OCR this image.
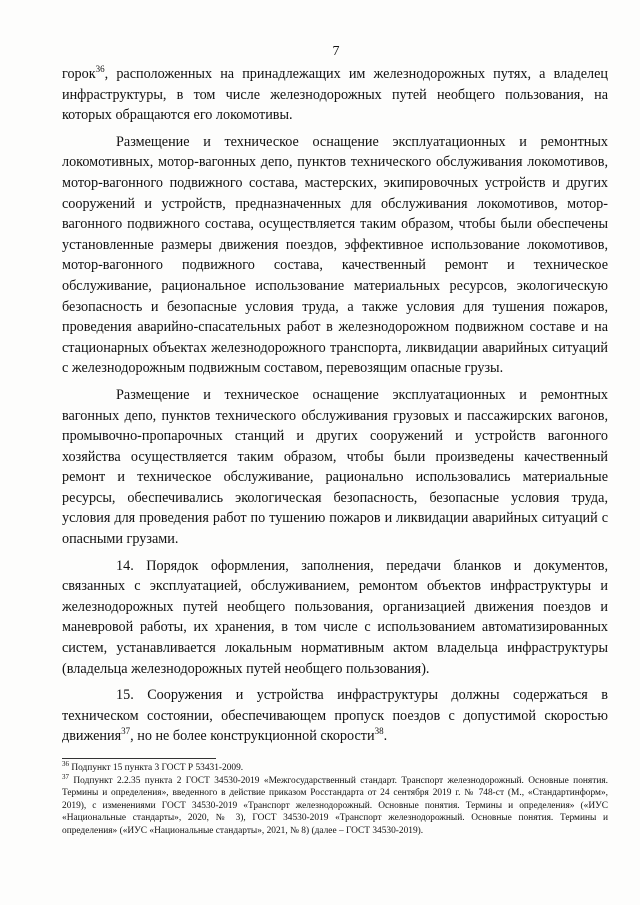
7

горок$^{36}$, расположенных на принадлежащих им железнодорожных путях, а владелец инфраструктуры, в том числе железнодорожных путей необщего пользования, на которых обращаются его локомотивы.

Размещение и техническое оснащение эксплуатационных и ремонтных локомотивных, мотор-вагонных депо, пунктов технического обслуживания локомотивов, мотор-вагонного подвижного состава, мастерских, экипировочных устройств и других сооружений и устройств, предназначенных для обслуживания локомотивов, мотор-вагонного подвижного состава, осуществляется таким образом, чтобы были обеспечены установленные размеры движения поездов, эффективное использование локомотивов, мотор-вагонного подвижного состава, качественный ремонт и техническое обслуживание, рациональное использование материальных ресурсов, экологическую безопасность и безопасные условия труда, а также условия для тушения пожаров, проведения аварийно-спасательных работ в железнодорожном подвижном составе и на стационарных объектах железнодорожного транспорта, ликвидации аварийных ситуаций с железнодорожным подвижным составом, перевозящим опасные грузы.

Размещение и техническое оснащение эксплуатационных и ремонтных вагонных депо, пунктов технического обслуживания грузовых и пассажирских вагонов, промывочно-пропарочных станций и других сооружений и устройств вагонного хозяйства осуществляется таким образом, чтобы были произведены качественный ремонт и техническое обслуживание, рационально использовались материальные ресурсы, обеспечивались экологическая безопасность, безопасные условия труда, условия для проведения работ по тушению пожаров и ликвидации аварийных ситуаций с опасными грузами.

14. Порядок оформления, заполнения, передачи бланков и документов, связанных с эксплуатацией, обслуживанием, ремонтом объектов инфраструктуры и железнодорожных путей необщего пользования, организацией движения поездов и маневровой работы, их хранения, в том числе с использованием автоматизированных систем, устанавливается локальным нормативным актом владельца инфраструктуры (владельца железнодорожных путей необщего пользования).

15. Сооружения и устройства инфраструктуры должны содержаться в техническом состоянии, обеспечивающем пропуск поездов с допустимой скоростью движения$^{37}$, но не более конструкционной скорости$^{38}$.

$^{36}$ Подпункт 15 пункта 3 ГОСТ Р 53431-2009.

$^{37}$ Подпункт 2.2.35 пункта 2 ГОСТ 34530-2019 «Межгосударственный стандарт. Транспорт железнодорожный. Основные понятия. Термины и определения», введенного в действие приказом Росстандарта от 24 сентября 2019 г. № 748-ст (М., «Стандартинформ», 2019), с изменениями ГОСТ 34530-2019 «Транспорт железнодорожный. Основные понятия. Термины и определения» («ИУС «Национальные стандарты», 2020, № 3), ГОСТ 34530-2019 «Транспорт железнодорожный. Основные понятия. Термины и определения» («ИУС «Национальные стандарты», 2021, № 8) (далее – ГОСТ 34530-2019).
